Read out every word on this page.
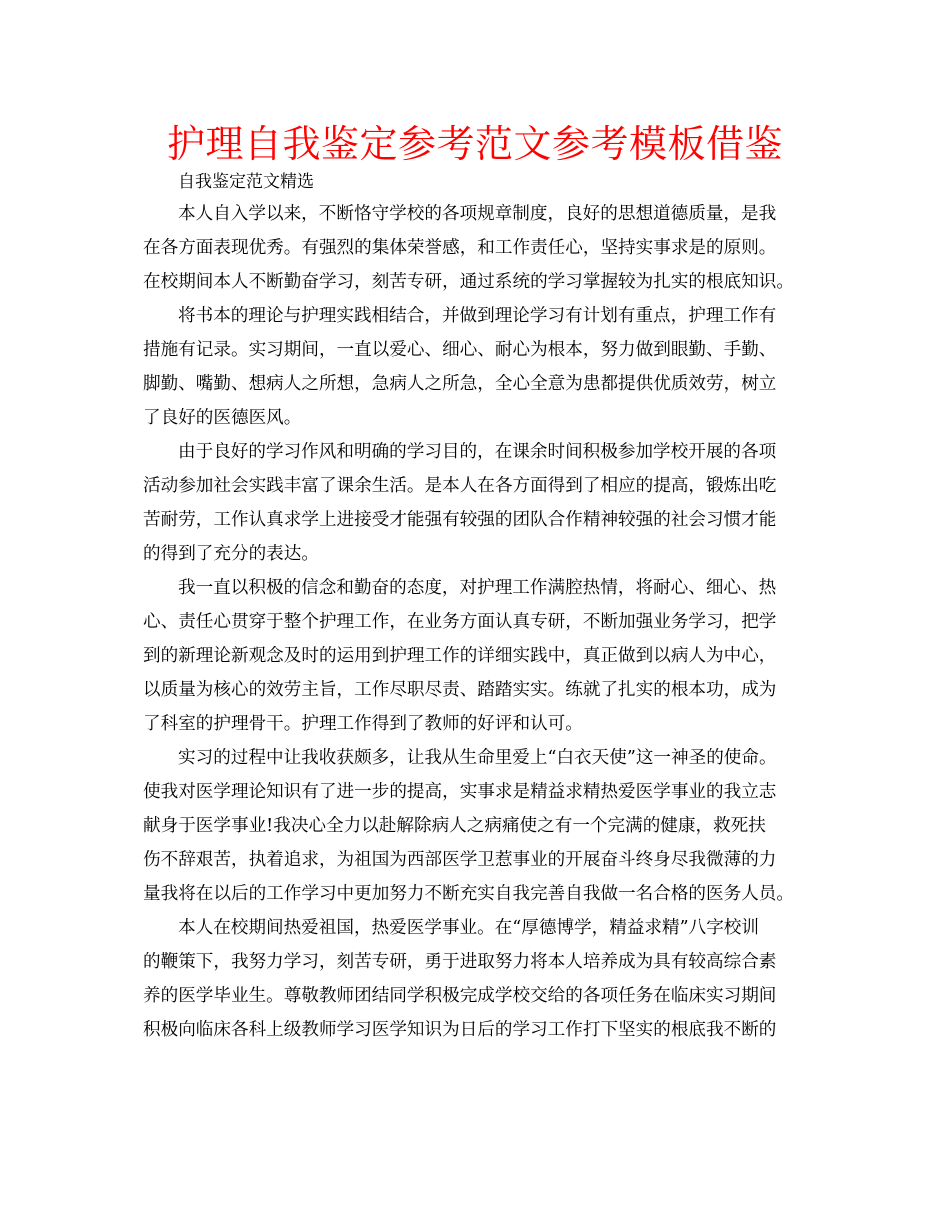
护理自我鉴定参考范文参考模板借鉴
自我鉴定范文精选
本人自入学以来，不断恪守学校的各项规章制度，良好的思想道德质量，是我
在各方面表现优秀。有强烈的集体荣誉感，和工作责任心，坚持实事求是的原则。
在校期间本人不断勤奋学习，刻苦专研，通过系统的学习掌握较为扎实的根底知识。
将书本的理论与护理实践相结合，并做到理论学习有计划有重点，护理工作有
措施有记录。实习期间，一直以爱心、细心、耐心为根本，努力做到眼勤、手勤、
脚勤、嘴勤、想病人之所想，急病人之所急，全心全意为患都提供优质效劳，树立
了良好的医德医风。
由于良好的学习作风和明确的学习目的，在课余时间积极参加学校开展的各项
活动参加社会实践丰富了课余生活。是本人在各方面得到了相应的提高，锻炼出吃
苦耐劳，工作认真求学上进接受才能强有较强的团队合作精神较强的社会习惯才能
的得到了充分的表达。
我一直以积极的信念和勤奋的态度，对护理工作满腔热情，将耐心、细心、热
心、责任心贯穿于整个护理工作，在业务方面认真专研，不断加强业务学习，把学
到的新理论新观念及时的运用到护理工作的详细实践中，真正做到以病人为中心，
以质量为核心的效劳主旨，工作尽职尽责、踏踏实实。练就了扎实的根本功，成为
了科室的护理骨干。护理工作得到了教师的好评和认可。
实习的过程中让我收获颇多，让我从生命里爱上“白衣天使”这一神圣的使命。
使我对医学理论知识有了进一步的提高，实事求是精益求精热爱医学事业的我立志
献身于医学事业!我决心全力以赴解除病人之病痛使之有一个完满的健康，救死扶
伤不辞艰苦，执着追求，为祖国为西部医学卫惹事业的开展奋斗终身尽我微薄的力
量我将在以后的工作学习中更加努力不断充实自我完善自我做一名合格的医务人员。
本人在校期间热爱祖国，热爱医学事业。在“厚德博学，精益求精”八字校训
的鞭策下，我努力学习，刻苦专研，勇于进取努力将本人培养成为具有较高综合素
养的医学毕业生。尊敬教师团结同学积极完成学校交给的各项任务在临床实习期间
积极向临床各科上级教师学习医学知识为日后的学习工作打下坚实的根底我不断的
